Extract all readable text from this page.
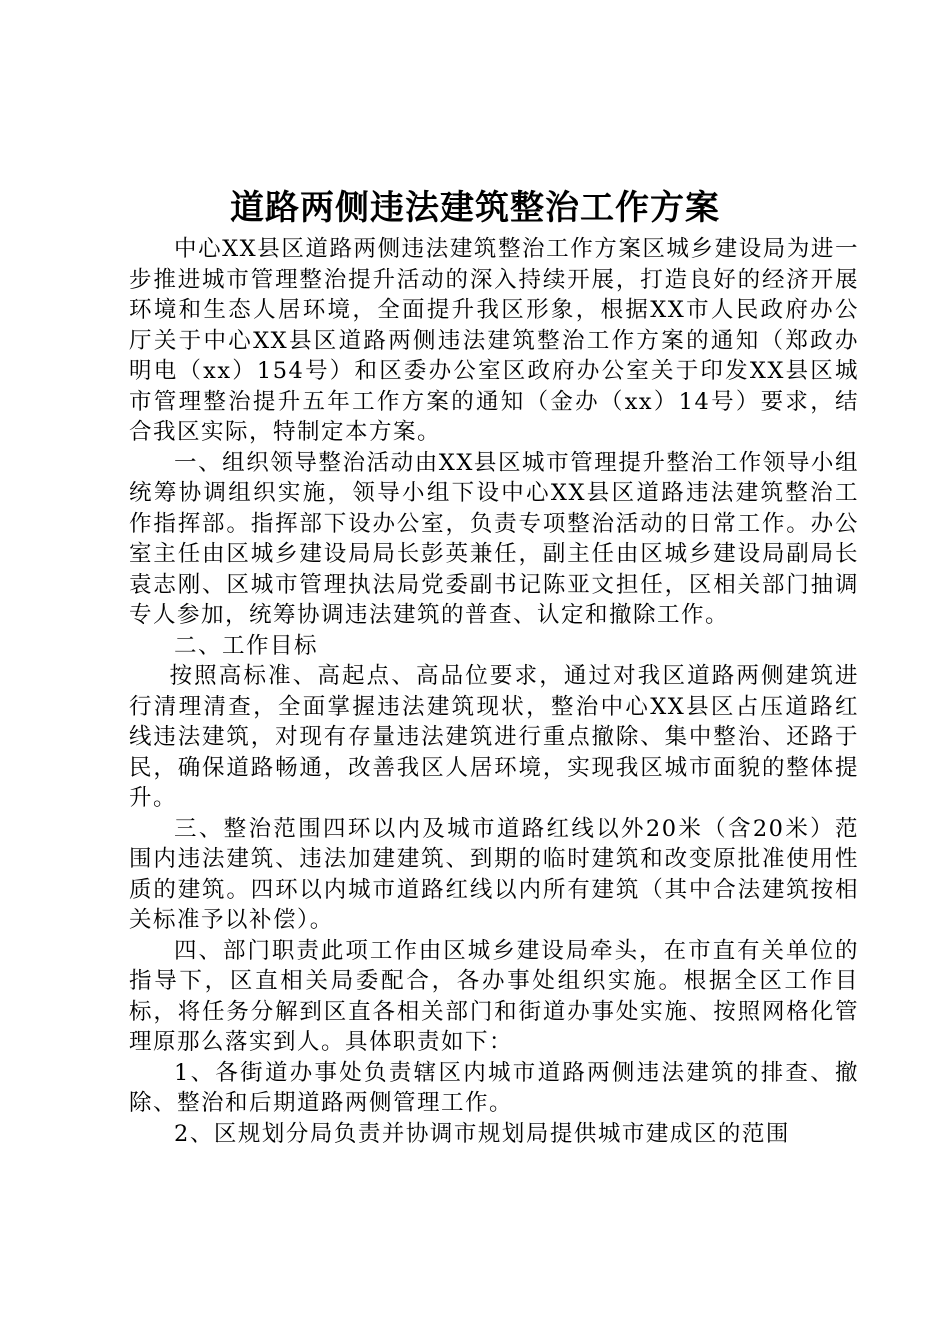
道路两侧违法建筑整治工作方案

中心XX县区道路两侧违法建筑整治工作方案区城乡建设局为进一步推进城市管理整治提升活动的深入持续开展，打造良好的经济开展环境和生态人居环境，全面提升我区形象，根据XX市人民政府办公厅关于中心XX县区道路两侧违法建筑整治工作方案的通知（郑政办明电（xx）154号）和区委办公室区政府办公室关于印发XX县区城市管理整治提升五年工作方案的通知（金办（xx）14号）要求，结合我区实际，特制定本方案。

一、组织领导整治活动由XX县区城市管理提升整治工作领导小组统筹协调组织实施，领导小组下设中心XX县区道路违法建筑整治工作指挥部。指挥部下设办公室，负责专项整治活动的日常工作。办公室主任由区城乡建设局局长彭英兼任，副主任由区城乡建设局副局长袁志刚、区城市管理执法局党委副书记陈亚文担任，区相关部门抽调专人参加，统筹协调违法建筑的普查、认定和撤除工作。

二、工作目标

按照高标准、高起点、高品位要求，通过对我区道路两侧建筑进行清理清查，全面掌握违法建筑现状，整治中心XX县区占压道路红线违法建筑，对现有存量违法建筑进行重点撤除、集中整治、还路于民，确保道路畅通，改善我区人居环境，实现我区城市面貌的整体提升。

三、整治范围四环以内及城市道路红线以外20米（含20米）范围内违法建筑、违法加建建筑、到期的临时建筑和改变原批准使用性质的建筑。四环以内城市道路红线以内所有建筑（其中合法建筑按相关标准予以补偿）。

四、部门职责此项工作由区城乡建设局牵头，在市直有关单位的指导下，区直相关局委配合，各办事处组织实施。根据全区工作目标，将任务分解到区直各相关部门和街道办事处实施、按照网格化管理原那么落实到人。具体职责如下：

1、各街道办事处负责辖区内城市道路两侧违法建筑的排查、撤除、整治和后期道路两侧管理工作。

2、区规划分局负责并协调市规划局提供城市建成区的范围
